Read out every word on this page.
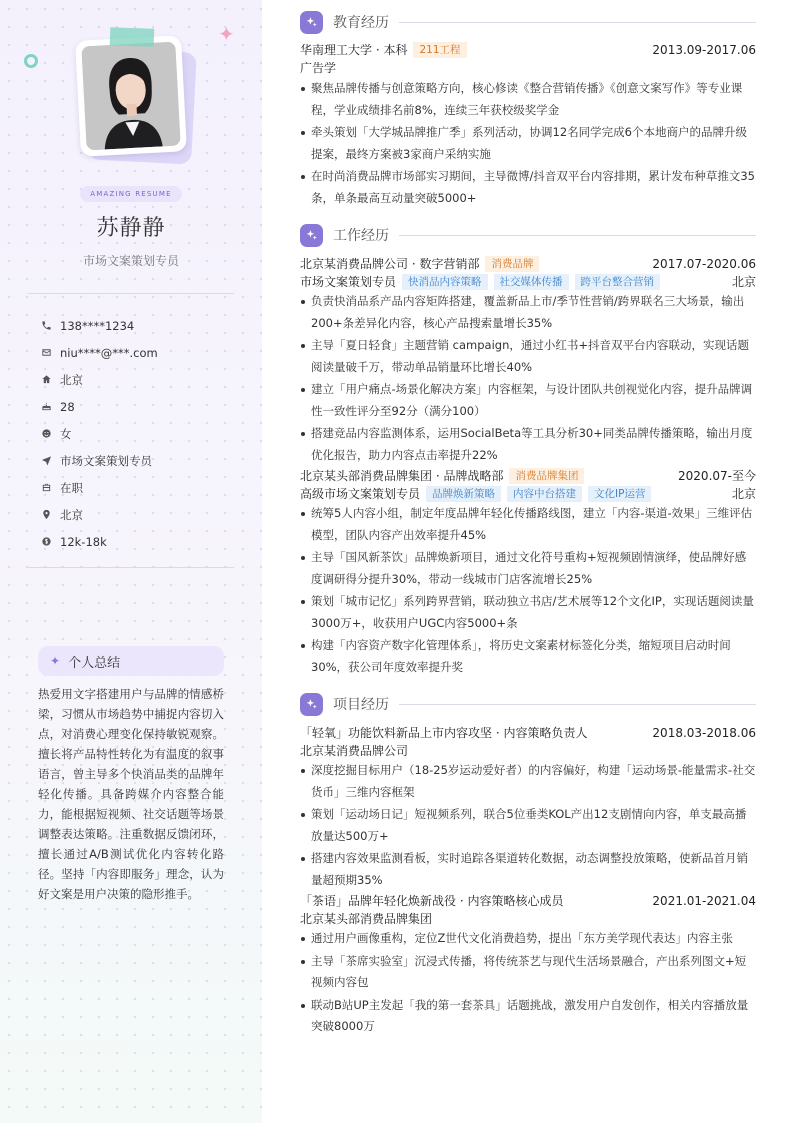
✦
AMAZING RESUME
苏静静
市场文案策划专员
138****1234
niu****@***.com
北京
28
女
市场文案策划专员
在职
北京
12k-18k
✦ 个人总结
热爱用文字搭建用户与品牌的情感桥梁，习惯从市场趋势中捕捉内容切入点，对消费心理变化保持敏锐观察。擅长将产品特性转化为有温度的叙事语言，曾主导多个快消品类的品牌年轻化传播。具备跨媒介内容整合能力，能根据短视频、社交话题等场景调整表达策略。注重数据反馈闭环，擅长通过A/B测试优化内容转化路径。坚持「内容即服务」理念，认为好文案是用户决策的隐形推手。
教育经历
华南理工大学 · 本科	211工程	2013.09-2017.06
广告学
聚焦品牌传播与创意策略方向，核心修读《整合营销传播》《创意文案写作》等专业课程，学业成绩排名前8%，连续三年获校级奖学金
牵头策划「大学城品牌推广季」系列活动，协调12名同学完成6个本地商户的品牌升级提案，最终方案被3家商户采纳实施
在时尚消费品牌市场部实习期间，主导微博/抖音双平台内容排期，累计发布种草推文35条，单条最高互动量突破5000+
工作经历
北京某消费品牌公司 · 数字营销部	消费品牌	2017.07-2020.06
市场文案策划专员	快消品内容策略	社交媒体传播	跨平台整合营销	北京
负责快消品系产品内容矩阵搭建，覆盖新品上市/季节性营销/跨界联名三大场景，输出200+条差异化内容，核心产品搜索量增长35%
主导「夏日轻食」主题营销 campaign，通过小红书+抖音双平台内容联动，实现话题阅读量破千万，带动单品销量环比增长40%
建立「用户痛点-场景化解决方案」内容框架，与设计团队共创视觉化内容，提升品牌调性一致性评分至92分（满分100）
搭建竞品内容监测体系，运用SocialBeta等工具分析30+同类品牌传播策略，输出月度优化报告，助力内容点击率提升22%
北京某头部消费品牌集团 · 品牌战略部	消费品牌集团	2020.07-至今
高级市场文案策划专员	品牌焕新策略	内容中台搭建	文化IP运营	北京
统筹5人内容小组，制定年度品牌年轻化传播路线图，建立「内容-渠道-效果」三维评估模型，团队内容产出效率提升45%
主导「国风新茶饮」品牌焕新项目，通过文化符号重构+短视频剧情演绎，使品牌好感度调研得分提升30%，带动一线城市门店客流增长25%
策划「城市记忆」系列跨界营销，联动独立书店/艺术展等12个文化IP，实现话题阅读量3000万+，收获用户UGC内容5000+条
构建「内容资产数字化管理体系」，将历史文案素材标签化分类，缩短项目启动时间30%，获公司年度效率提升奖
项目经历
「轻氧」功能饮料新品上市内容攻坚 · 内容策略负责人	2018.03-2018.06
北京某消费品牌公司
深度挖掘目标用户（18-25岁运动爱好者）的内容偏好，构建「运动场景-能量需求-社交货币」三维内容框架
策划「运动场日记」短视频系列，联合5位垂类KOL产出12支剧情向内容，单支最高播放量达500万+
搭建内容效果监测看板，实时追踪各渠道转化数据，动态调整投放策略，使新品首月销量超预期35%
「茶语」品牌年轻化焕新战役 · 内容策略核心成员	2021.01-2021.04
北京某头部消费品牌集团
通过用户画像重构，定位Z世代文化消费趋势，提出「东方美学现代表达」内容主张
主导「茶席实验室」沉浸式传播，将传统茶艺与现代生活场景融合，产出系列图文+短视频内容包
联动B站UP主发起「我的第一套茶具」话题挑战，激发用户自发创作，相关内容播放量突破8000万
